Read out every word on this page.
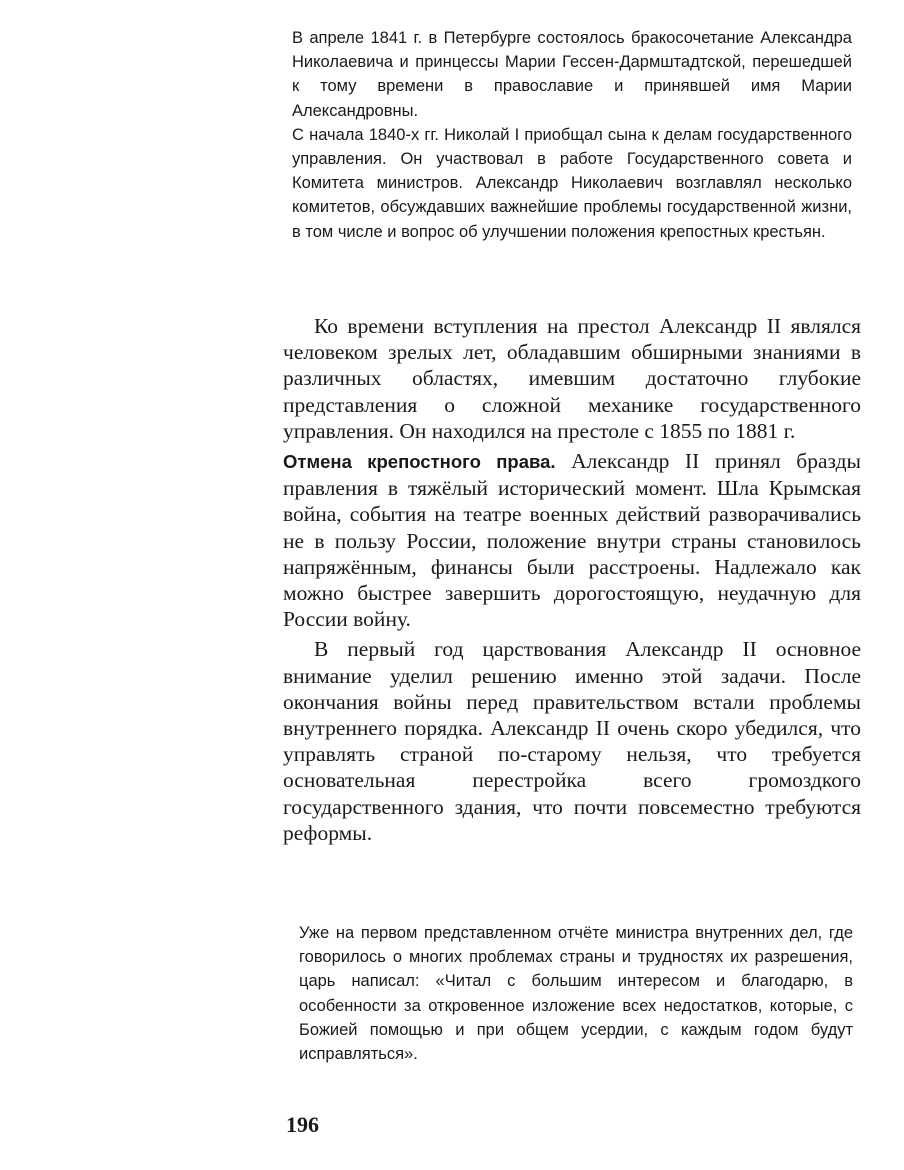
В апреле 1841 г. в Петербурге состоялось бракосочетание Александра Николаевича и принцессы Марии Гессен-Дармштадтской, перешедшей к тому времени в православие и принявшей имя Марии Александровны.

С начала 1840-х гг. Николай I приобщал сына к делам государственного управления. Он участвовал в работе Государственного совета и Комитета министров. Александр Николаевич возглавлял несколько комитетов, обсуждавших важнейшие проблемы государственной жизни, в том числе и вопрос об улучшении положения крепостных крестьян.

Ко времени вступления на престол Александр II являлся человеком зрелых лет, обладавшим обширными знаниями в различных областях, имевшим достаточно глубокие представления о сложной механике государственного управления. Он находился на престоле с 1855 по 1881 г.

Отмена крепостного права. Александр II принял бразды правления в тяжёлый исторический момент. Шла Крымская война, события на театре военных действий разворачивались не в пользу России, положение внутри страны становилось напряжённым, финансы были расстроены. Надлежало как можно быстрее завершить дорогостоящую, неудачную для России войну.

В первый год царствования Александр II основное внимание уделил решению именно этой задачи. После окончания войны перед правительством встали проблемы внутреннего порядка. Александр II очень скоро убедился, что управлять страной по-старому нельзя, что требуется основательная перестройка всего громоздкого государственного здания, что почти повсеместно требуются реформы.

Уже на первом представленном отчёте министра внутренних дел, где говорилось о многих проблемах страны и трудностях их разрешения, царь написал: «Читал с большим интересом и благодарю, в особенности за откровенное изложение всех недостатков, которые, с Божией помощью и при общем усердии, с каждым годом будут исправляться».

196
